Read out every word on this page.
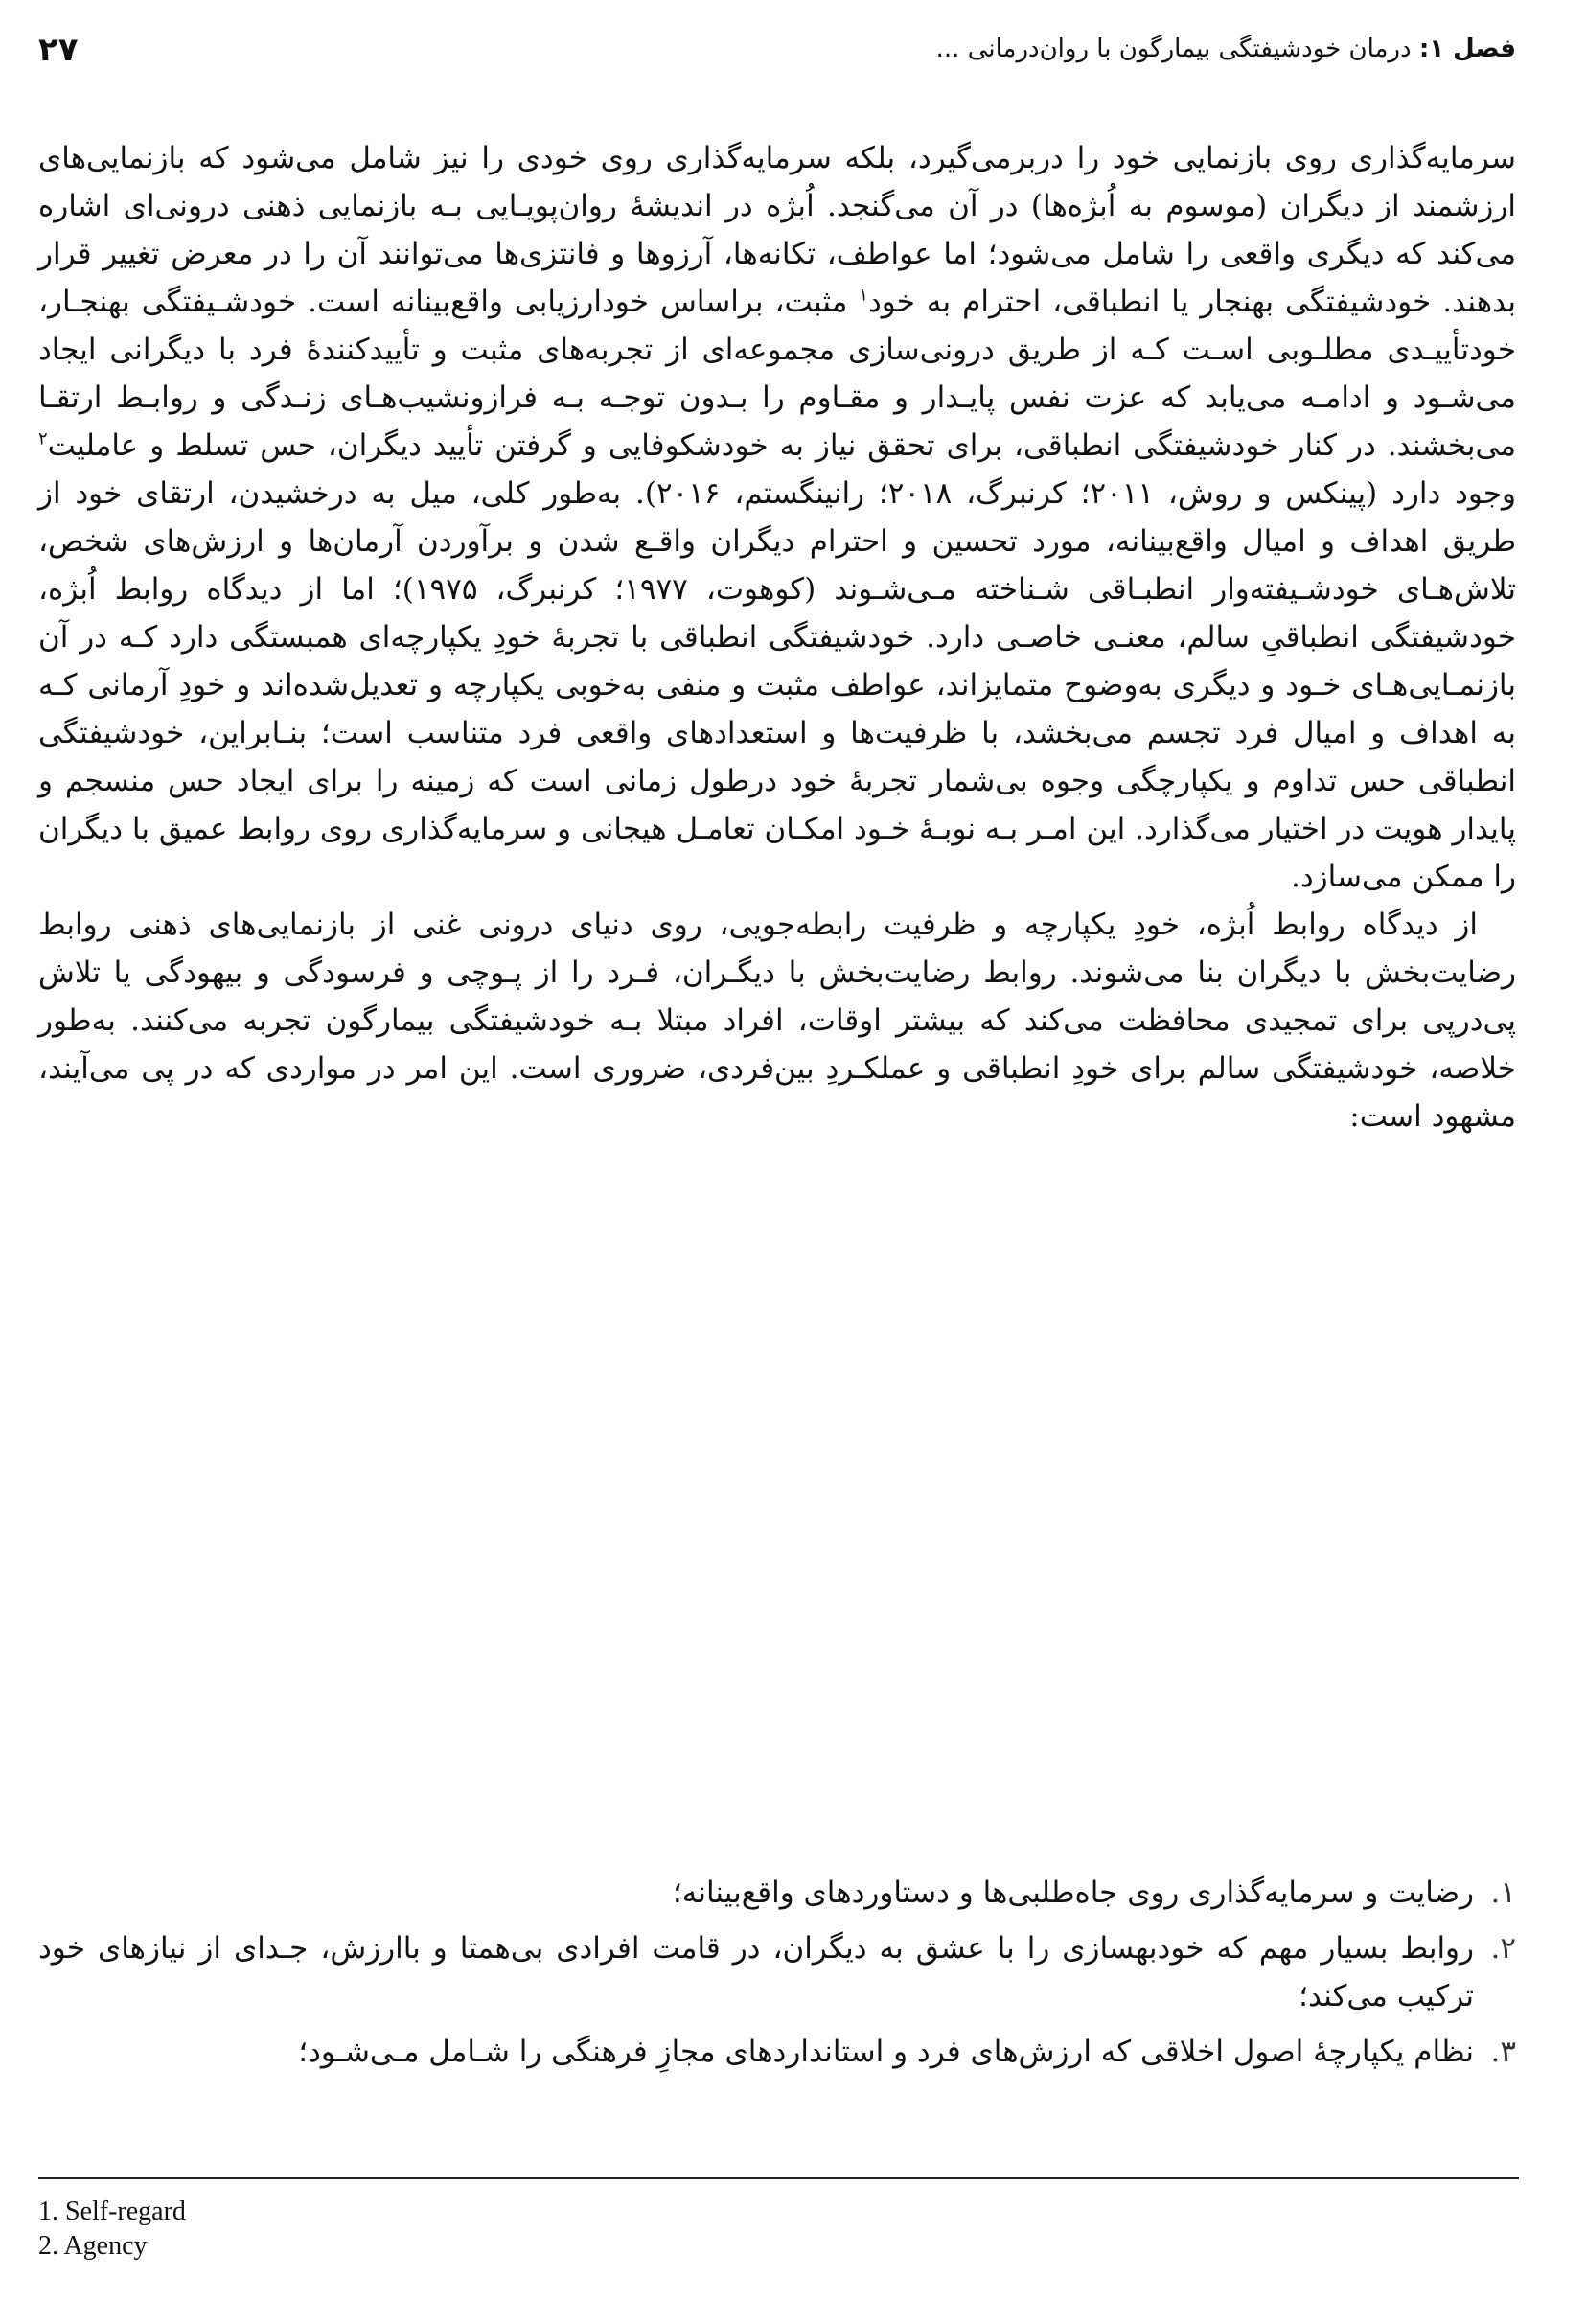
۲۷	فصل ۱: درمان خودشیفتگی بیمارگون با روان‌درمانی ...

سرمایه‌گذاری روی بازنمایی خود را دربرمی‌گیرد، بلکه سرمایه‌گذاری روی خودی را نیز شامل می‌شود که بازنمایی‌های ارزشمند از دیگران (موسوم به اُبژه‌ها) در آن می‌گنجد. اُبژه در اندیشهٔ روان‌پویـایی بـه بازنمایی ذهنی درونی‌ای اشاره می‌کند که دیگری واقعی را شامل می‌شود؛ اما عواطف، تکانه‌ها، آرزوها و فانتزی‌ها می‌توانند آن را در معرض تغییر قرار بدهند. خودشیفتگی بهنجار یا انطباقی، احترام به خود$^۱$ مثبت، براساس خودارزیابی واقع‌بینانه است. خودشـیفتگی بهنجـار، خودتأییـدی مطلـوبی اسـت کـه از طریق درونی‌سازی مجموعه‌ای از تجربه‌های مثبت و تأییدکنندهٔ فرد با دیگرانی ایجاد می‌شـود و ادامـه می‌یابد که عزت نفس پایـدار و مقـاوم را بـدون توجـه بـه فرازونشیب‌هـای زنـدگی و روابـط ارتقـا می‌بخشند. در کنار خودشیفتگی انطباقی، برای تحقق نیاز به خودشکوفایی و گرفتن تأیید دیگران، حس تسلط و عاملیت$^۲$ وجود دارد (پینکس و روش، ۲۰۱۱؛ کرنبرگ، ۲۰۱۸؛ رانینگستم، ۲۰۱۶). به‌طور کلی، میل به درخشیدن، ارتقای خود از طریق اهداف و امیال واقع‌بینانه، مورد تحسین و احترام دیگران واقـع شدن و برآوردن آرمان‌ها و ارزش‌های شخص، تلاش‌هـای خودشـیفته‌وار انطبـاقی شـناخته مـی‌شـوند (کوهوت، ۱۹۷۷؛ کرنبرگ، ۱۹۷۵)؛ اما از دیدگاه روابط اُبژه، خودشیفتگی انطباقیِ سالم، معنـی خاصـی دارد. خودشیفتگی انطباقی با تجربهٔ خودِ یکپارچه‌ای همبستگی دارد کـه در آن بازنمـایی‌هـای خـود و دیگری به‌وضوح متمایزاند، عواطف مثبت و منفی به‌خوبی یکپارچه و تعدیل‌شده‌اند و خودِ آرمانی کـه به اهداف و امیال فرد تجسم می‌بخشد، با ظرفیت‌ها و استعدادهای واقعی فرد متناسب است؛ بنـابراین، خودشیفتگی انطباقی حس تداوم و یکپارچگی وجوه بی‌شمار تجربهٔ خود درطول زمانی است که زمینه را برای ایجاد حس منسجم و پایدار هویت در اختیار می‌گذارد. این امـر بـه نوبـهٔ خـود امکـان تعامـل هیجانی و سرمایه‌گذاری روی روابط عمیق با دیگران را ممکن می‌سازد.

از دیدگاه روابط اُبژه، خودِ یکپارچه و ظرفیت رابطه‌جویی، روی دنیای درونی غنی از بازنمایی‌های ذهنی روابط رضایت‌بخش با دیگران بنا می‌شوند. روابط رضایت‌بخش با دیگـران، فـرد را از پـوچی و فرسودگی و بیهودگی یا تلاش پی‌درپی برای تمجیدی محافظت می‌کند که بیشتر اوقات، افراد مبتلا بـه خودشیفتگی بیمارگون تجربه می‌کنند. به‌طور خلاصه، خودشیفتگی سالم برای خودِ انطباقی و عملکـردِ بین‌فردی، ضروری است. این امر در مواردی که در پی می‌آیند، مشهود است:

۱.
رضایت و سرمایه‌گذاری روی جاه‌طلبی‌ها و دستاوردهای واقع‌بینانه؛
۲.
روابط بسیار مهم که خودبهسازی را با عشق به دیگران، در قامت افرادی بی‌همتا و باارزش، جـدای از نیازهای خود ترکیب می‌کند؛
۳.
نظام یکپارچهٔ اصول اخلاقی که ارزش‌های فرد و استانداردهای مجازِ فرهنگی را شـامل مـی‌شـود؛
1. Self-regard
2. Agency
